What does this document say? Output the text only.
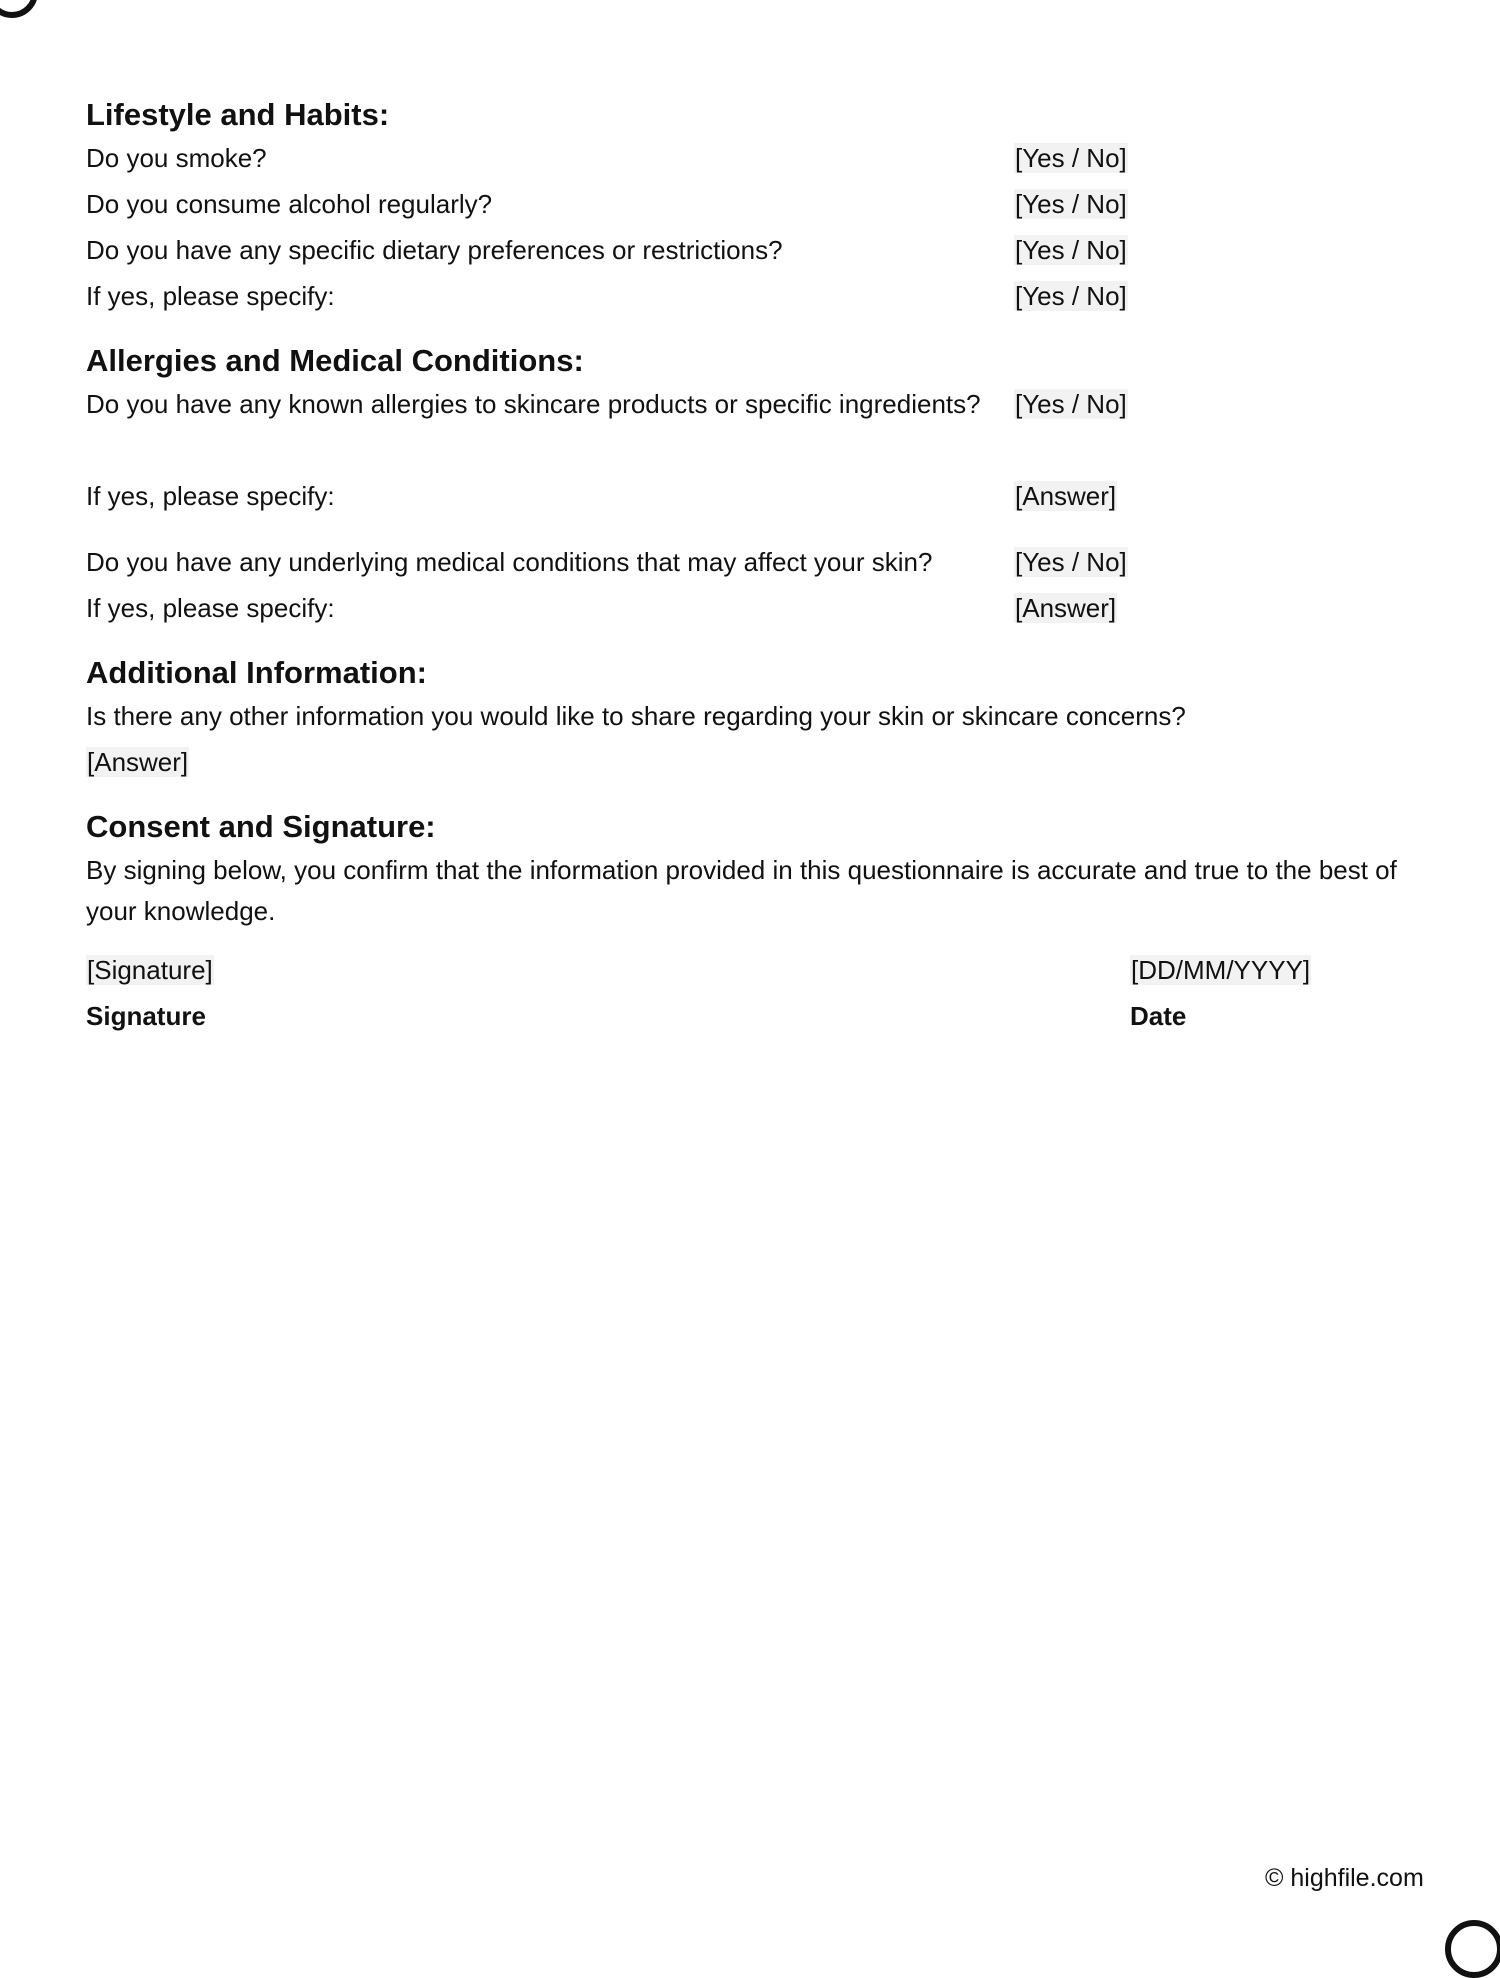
Lifestyle and Habits:
Do you smoke?	[Yes / No]
Do you consume alcohol regularly?	[Yes / No]
Do you have any specific dietary preferences or restrictions?	[Yes / No]
If yes, please specify:	[Yes / No]
Allergies and Medical Conditions:
Do you have any known allergies to skincare products or specific ingredients?	[Yes / No]
If yes, please specify:	[Answer]
Do you have any underlying medical conditions that may affect your skin?	[Yes / No]
If yes, please specify:	[Answer]
Additional Information:

Is there any other information you would like to share regarding your skin or skincare concerns?

[Answer]

Consent and Signature:

By signing below, you confirm that the information provided in this questionnaire is accurate and true to the best of your knowledge.

[Signature]
Signature
[DD/MM/YYYY]
Date
© highfile.com
